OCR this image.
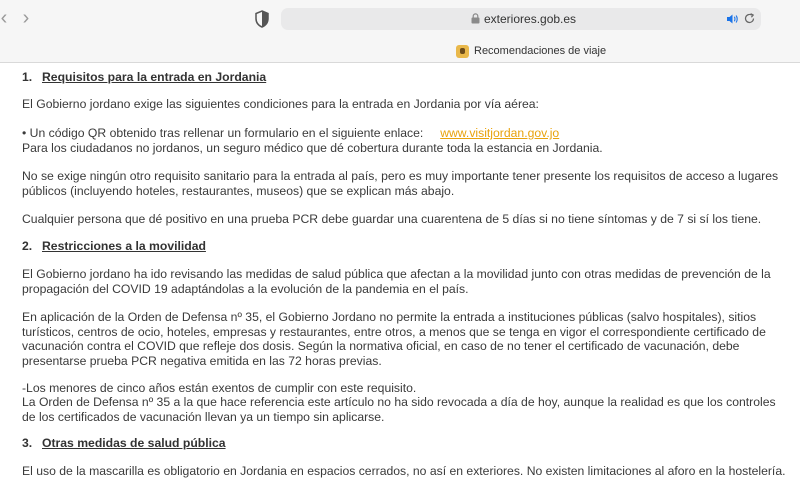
‹ ›	exteriores.gob.es
Recomendaciones de viaje

1. Requisitos para la entrada en Jordania

El Gobierno jordano exige las siguientes condiciones para la entrada en Jordania por vía aérea:

• Un código QR obtenido tras rellenar un formulario en el siguiente enlace: www.visitjordan.gov.jo

Para los ciudadanos no jordanos, un seguro médico que dé cobertura durante toda la estancia en Jordania.

No se exige ningún otro requisito sanitario para la entrada al país, pero es muy importante tener presente los requisitos de acceso a lugares públicos (incluyendo hoteles, restaurantes, museos) que se explican más abajo.

Cualquier persona que dé positivo en una prueba PCR debe guardar una cuarentena de 5 días si no tiene síntomas y de 7 si sí los tiene.

2. Restricciones a la movilidad

El Gobierno jordano ha ido revisando las medidas de salud pública que afectan a la movilidad junto con otras medidas de prevención de la propagación del COVID 19 adaptándolas a la evolución de la pandemia en el país.

En aplicación de la Orden de Defensa nº 35, el Gobierno Jordano no permite la entrada a instituciones públicas (salvo hospitales), sitios turísticos, centros de ocio, hoteles, empresas y restaurantes, entre otros, a menos que se tenga en vigor el correspondiente certificado de vacunación contra el COVID que refleje dos dosis. Según la normativa oficial, en caso de no tener el certificado de vacunación, debe presentarse prueba PCR negativa emitida en las 72 horas previas.

-Los menores de cinco años están exentos de cumplir con este requisito.

La Orden de Defensa nº 35 a la que hace referencia este artículo no ha sido revocada a día de hoy, aunque la realidad es que los controles de los certificados de vacunación llevan ya un tiempo sin aplicarse.

3. Otras medidas de salud pública

El uso de la mascarilla es obligatorio en Jordania en espacios cerrados, no así en exteriores. No existen limitaciones al aforo en la hostelería.
